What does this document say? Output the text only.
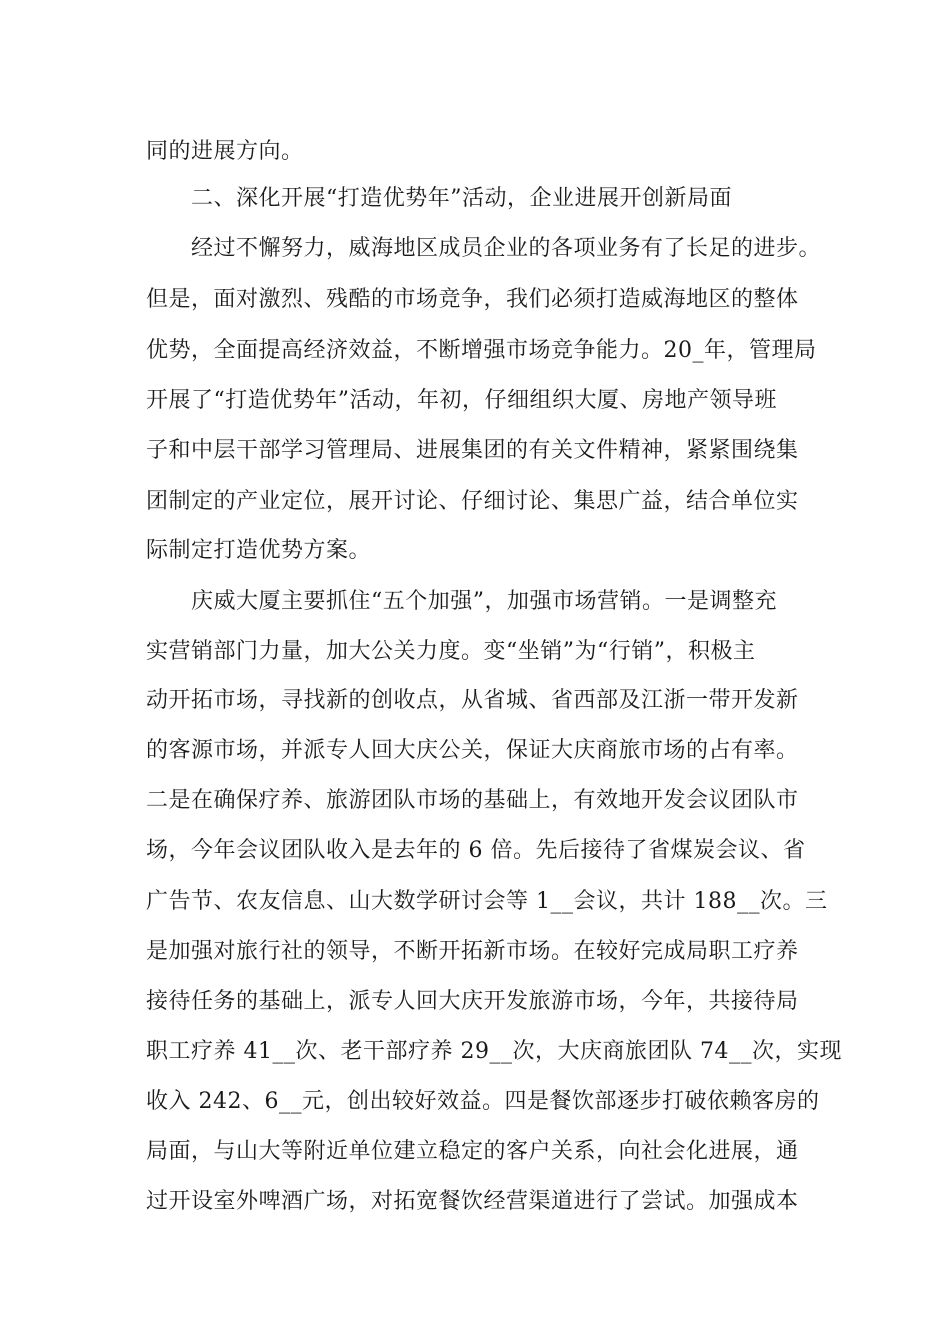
同的进展方向。
二、深化开展“打造优势年”活动，企业进展开创新局面
经过不懈努力，威海地区成员企业的各项业务有了长足的进步。
但是，面对激烈、残酷的市场竞争，我们必须打造威海地区的整体
优势，全面提高经济效益，不断增强市场竞争能力。20_年，管理局
开展了“打造优势年”活动，年初，仔细组织大厦、房地产领导班
子和中层干部学习管理局、进展集团的有关文件精神，紧紧围绕集
团制定的产业定位，展开讨论、仔细讨论、集思广益，结合单位实
际制定打造优势方案。
庆威大厦主要抓住“五个加强”，加强市场营销。一是调整充
实营销部门力量，加大公关力度。变“坐销”为“行销”，积极主
动开拓市场，寻找新的创收点，从省城、省西部及江浙一带开发新
的客源市场，并派专人回大庆公关，保证大庆商旅市场的占有率。
二是在确保疗养、旅游团队市场的基础上，有效地开发会议团队市
场，今年会议团队收入是去年的 6 倍。先后接待了省煤炭会议、省
广告节、农友信息、山大数学研讨会等 1__会议，共计 188__次。三
是加强对旅行社的领导，不断开拓新市场。在较好完成局职工疗养
接待任务的基础上，派专人回大庆开发旅游市场，今年，共接待局
职工疗养 41__次、老干部疗养 29__次，大庆商旅团队 74__次，实现
收入 242、6__元，创出较好效益。四是餐饮部逐步打破依赖客房的
局面，与山大等附近单位建立稳定的客户关系，向社会化进展，通
过开设室外啤酒广场，对拓宽餐饮经营渠道进行了尝试。加强成本
